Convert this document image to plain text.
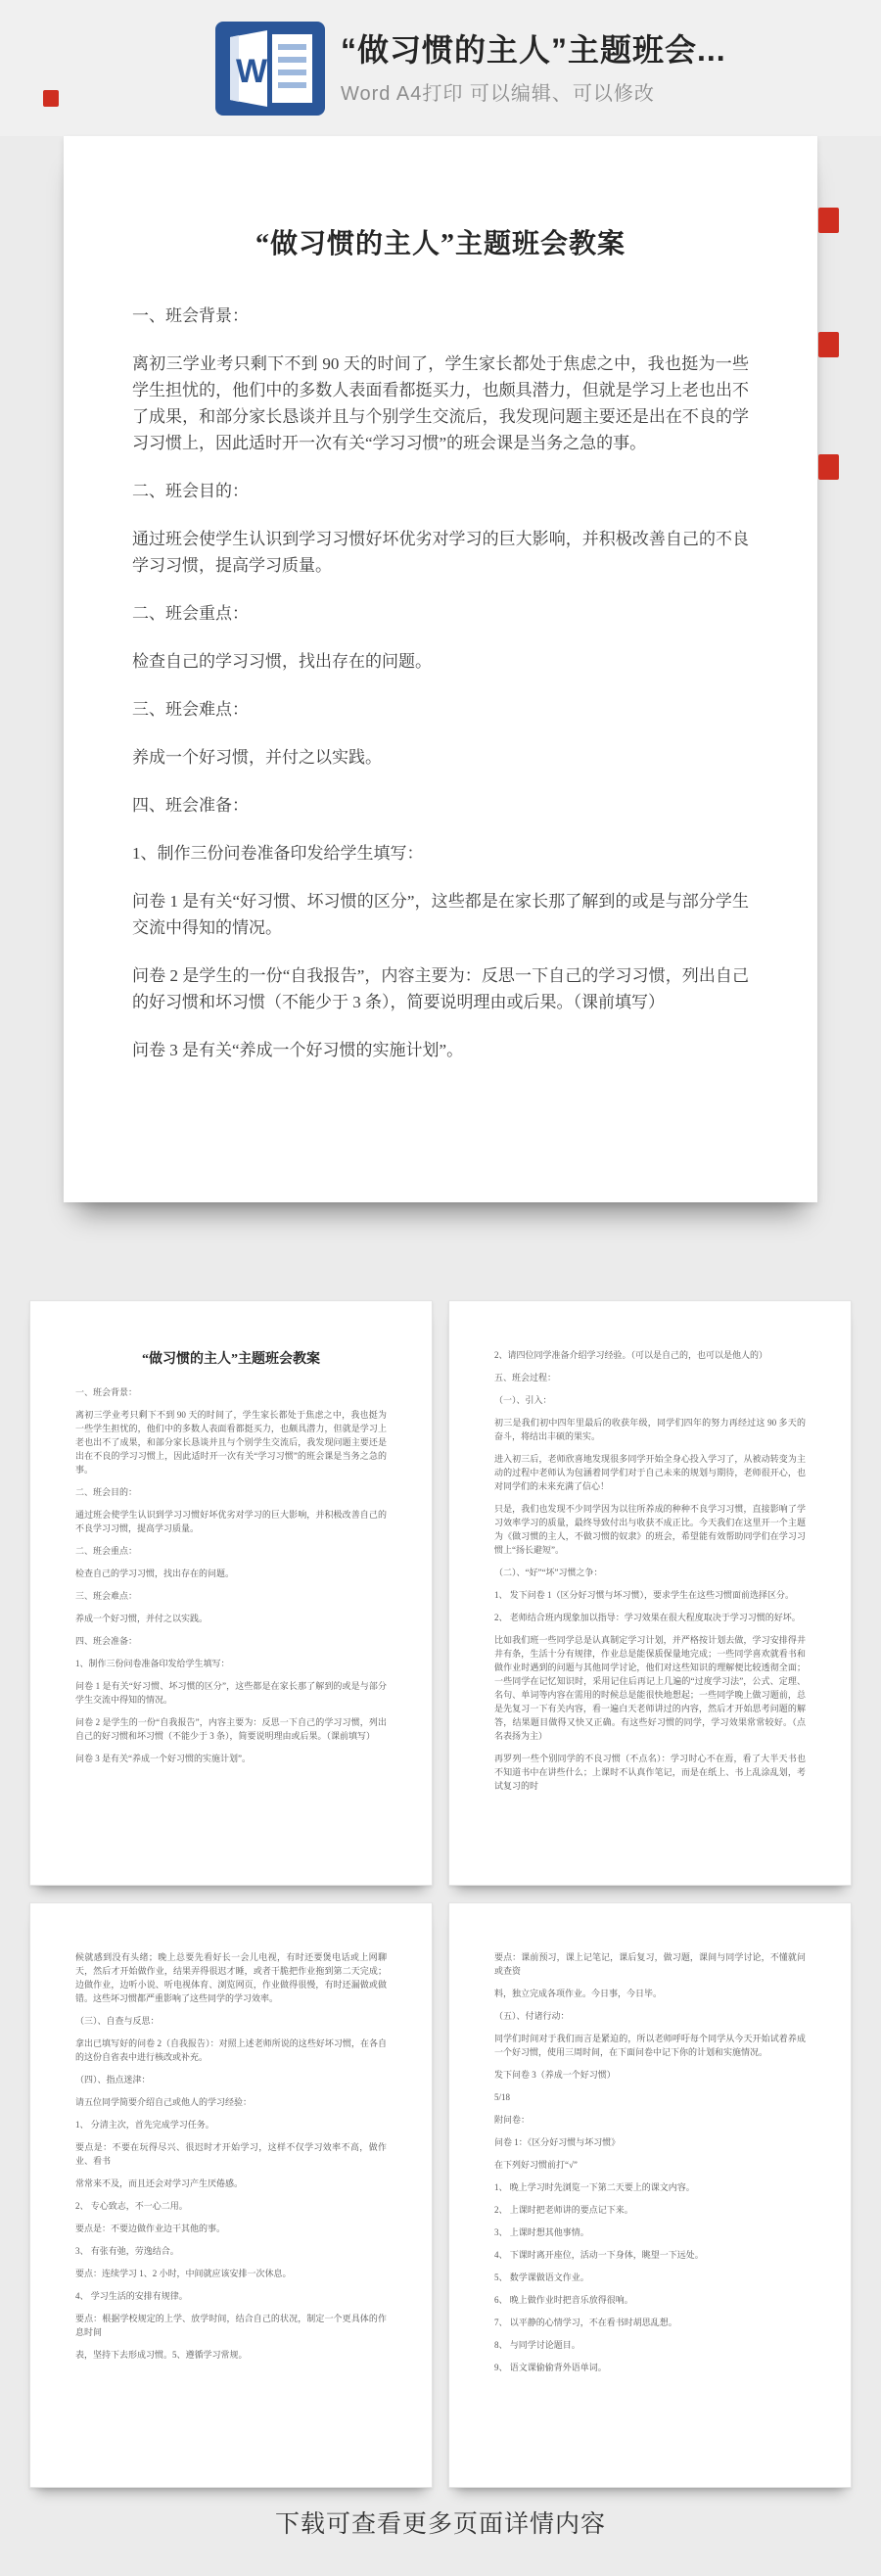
W
“做习惯的主人”主题班会...
Word A4打印 可以编辑、可以修改
“做习惯的主人”主题班会教案

一、班会背景：

离初三学业考只剩下不到 90 天的时间了，学生家长都处于焦虑之中，我也挺为一些学生担忧的，他们中的多数人表面看都挺买力，也颇具潜力，但就是学习上老也出不了成果，和部分家长恳谈并且与个别学生交流后，我发现问题主要还是出在不良的学习习惯上，因此适时开一次有关“学习习惯”的班会课是当务之急的事。

二、班会目的：

通过班会使学生认识到学习习惯好坏优劣对学习的巨大影响，并积极改善自己的不良学习习惯，提高学习质量。

二、班会重点：

检查自己的学习习惯，找出存在的问题。

三、班会难点：

养成一个好习惯，并付之以实践。

四、班会准备：

1、制作三份问卷准备印发给学生填写：

问卷 1 是有关“好习惯、坏习惯的区分”，这些都是在家长那了解到的或是与部分学生交流中得知的情况。

问卷 2 是学生的一份“自我报告”，内容主要为：反思一下自己的学习习惯，列出自己的好习惯和坏习惯（不能少于 3 条），简要说明理由或后果。（课前填写）

问卷 3 是有关“养成一个好习惯的实施计划”。

“做习惯的主人”主题班会教案

一、班会背景：

离初三学业考只剩下不到 90 天的时间了，学生家长都处于焦虑之中，我也挺为一些学生担忧的，他们中的多数人表面看都挺买力，也颇具潜力，但就是学习上老也出不了成果，和部分家长恳谈并且与个别学生交流后，我发现问题主要还是出在不良的学习习惯上，因此适时开一次有关“学习习惯”的班会课是当务之急的事。

二、班会目的：

通过班会使学生认识到学习习惯好坏优劣对学习的巨大影响，并积极改善自己的不良学习习惯，提高学习质量。

二、班会重点：

检查自己的学习习惯，找出存在的问题。

三、班会难点：

养成一个好习惯，并付之以实践。

四、班会准备：

1、制作三份问卷准备印发给学生填写：

问卷 1 是有关“好习惯、坏习惯的区分”，这些都是在家长那了解到的或是与部分学生交流中得知的情况。

问卷 2 是学生的一份“自我报告”，内容主要为：反思一下自己的学习习惯，列出自己的好习惯和坏习惯（不能少于 3 条），简要说明理由或后果。（课前填写）

问卷 3 是有关“养成一个好习惯的实施计划”。

2、请四位同学准备介绍学习经验。（可以是自己的，也可以是他人的）

五、班会过程：

（一）、引入：

初三是我们初中四年里最后的收获年级，同学们四年的努力再经过这 90 多天的奋斗，将结出丰硕的果实。

进入初三后，老师欣喜地发现很多同学开始全身心投入学习了，从被动转变为主动的过程中老师认为包涵着同学们对于自己未来的规划与期待，老师很开心，也对同学们的未来充满了信心！

只是，我们也发现不少同学因为以往所养成的种种不良学习习惯，直接影响了学习效率学习的质量，最终导致付出与收获不成正比。今天我们在这里开一个主题为《做习惯的主人，不做习惯的奴隶》的班会，希望能有效帮助同学们在学习习惯上“扬长避短”。

（二）、“好”“坏”习惯之争：

1、 发下问卷 1（区分好习惯与坏习惯），要求学生在这些习惯面前选择区分。

2、 老师结合班内现象加以指导：学习效果在很大程度取决于学习习惯的好坏。

比如我们班一些同学总是认真制定学习计划，并严格按计划去做，学习安排得井井有条，生活十分有规律，作业总是能保质保量地完成；一些同学喜欢就看书和做作业时遇到的问题与其他同学讨论，他们对这些知识的理解便比较透彻全面；一些同学在记忆知识时，采用记住后再记上几遍的“过度学习法”，公式、定理、名句、单词等内容在需用的时候总是能很快地想起；一些同学晚上做习题前，总是先复习一下有关内容，看一遍白天老师讲过的内容，然后才开始思考问题的解答，结果题目做得又快又正确。有这些好习惯的同学，学习效果常常较好。（点名表扬为主）

再罗列一些个别同学的不良习惯（不点名）：学习时心不在焉，看了大半天书也不知道书中在讲些什么；上课时不认真作笔记，而是在纸上、书上乱涂乱划，考试复习的时

候就感到没有头绪；晚上总要先看好长一会儿电视，有时还要煲电话或上网聊天，然后才开始做作业，结果弄得很迟才睡，或者干脆把作业拖到第二天完成；边做作业，边听小说、听电视体育、浏览网页，作业做得很慢，有时还漏做或做错。这些坏习惯都严重影响了这些同学的学习效率。

（三）、自查与反思：

拿出已填写好的问卷 2（自我报告）：对照上述老师所说的这些好坏习惯，在各自的这份自省表中进行核改或补充。

（四）、指点迷津：

请五位同学简要介绍自己或他人的学习经验：

1、 分清主次，首先完成学习任务。

要点是：不要在玩得尽兴、很迟时才开始学习，这样不仅学习效率不高，做作业、看书

常常来不及，而且还会对学习产生厌倦感。

2、 专心致志，不一心二用。

要点是：不要边做作业边干其他的事。

3、 有张有弛，劳逸结合。

要点：连续学习 1、2 小时，中间就应该安排一次休息。

4、 学习生活的安排有规律。

要点：根据学校规定的上学、放学时间，结合自己的状况，制定一个更具体的作息时间

表，坚持下去形成习惯。5、遵循学习常规。

要点：课前预习，课上记笔记，课后复习，做习题，课间与同学讨论，不懂就问或查资

料，独立完成各项作业。今日事，今日毕。

（五）、付诸行动：

同学们时间对于我们而言是紧迫的，所以老师呼吁每个同学从今天开始试着养成一个好习惯，使用三周时间，在下面问卷中记下你的计划和实施情况。

发下问卷 3（养成一个好习惯）

5/18

附问卷：

问卷 1：《区分好习惯与坏习惯》

在下列好习惯前打“√”

1、 晚上学习时先浏览一下第二天要上的课文内容。

2、 上课时把老师讲的要点记下来。

3、 上课时想其他事情。

4、 下课时离开座位，活动一下身体，眺望一下远处。

5、 数学课做语文作业。

6、 晚上做作业时把音乐放得很响。

7、 以平静的心情学习，不在看书时胡思乱想。

8、 与同学讨论题目。

9、 语文课偷偷背外语单词。

下载可查看更多页面详情内容
